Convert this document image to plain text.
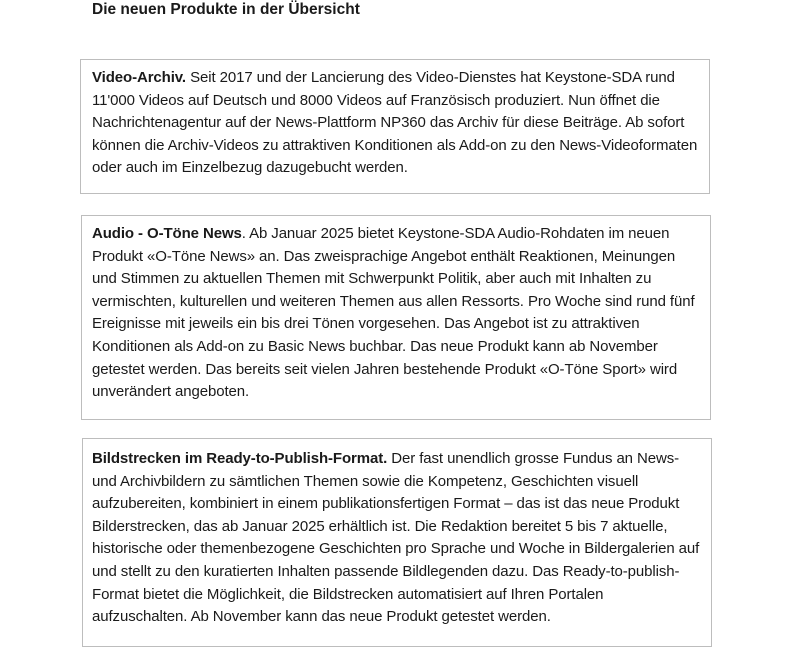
Die neuen Produkte in der Übersicht

Video-Archiv. Seit 2017 und der Lancierung des Video-Dienstes hat Keystone-SDA rund 11'000 Videos auf Deutsch und 8000 Videos auf Französisch produziert. Nun öffnet die Nachrichtenagentur auf der News-Plattform NP360 das Archiv für diese Beiträge. Ab sofort können die Archiv-Videos zu attraktiven Konditionen als Add-on zu den News-Videoformaten oder auch im Einzelbezug dazugebucht werden.

Audio - O-Töne News. Ab Januar 2025 bietet Keystone-SDA Audio-Rohdaten im neuen Produkt «O-Töne News» an. Das zweisprachige Angebot enthält Reaktionen, Meinungen und Stimmen zu aktuellen Themen mit Schwerpunkt Politik, aber auch mit Inhalten zu vermischten, kulturellen und weiteren Themen aus allen Ressorts. Pro Woche sind rund fünf Ereignisse mit jeweils ein bis drei Tönen vorgesehen. Das Angebot ist zu attraktiven Konditionen als Add-on zu Basic News buchbar. Das neue Produkt kann ab November getestet werden. Das bereits seit vielen Jahren bestehende Produkt «O-Töne Sport» wird unverändert angeboten.

Bildstrecken im Ready-to-Publish-Format. Der fast unendlich grosse Fundus an News- und Archivbildern zu sämtlichen Themen sowie die Kompetenz, Geschichten visuell aufzubereiten, kombiniert in einem publikationsfertigen Format – das ist das neue Produkt Bilderstrecken, das ab Januar 2025 erhältlich ist. Die Redaktion bereitet 5 bis 7 aktuelle, historische oder themenbezogene Geschichten pro Sprache und Woche in Bildergalerien auf und stellt zu den kuratierten Inhalten passende Bildlegenden dazu. Das Ready-to-publish-Format bietet die Möglichkeit, die Bildstrecken automatisiert auf Ihren Portalen aufzuschalten. Ab November kann das neue Produkt getestet werden.
